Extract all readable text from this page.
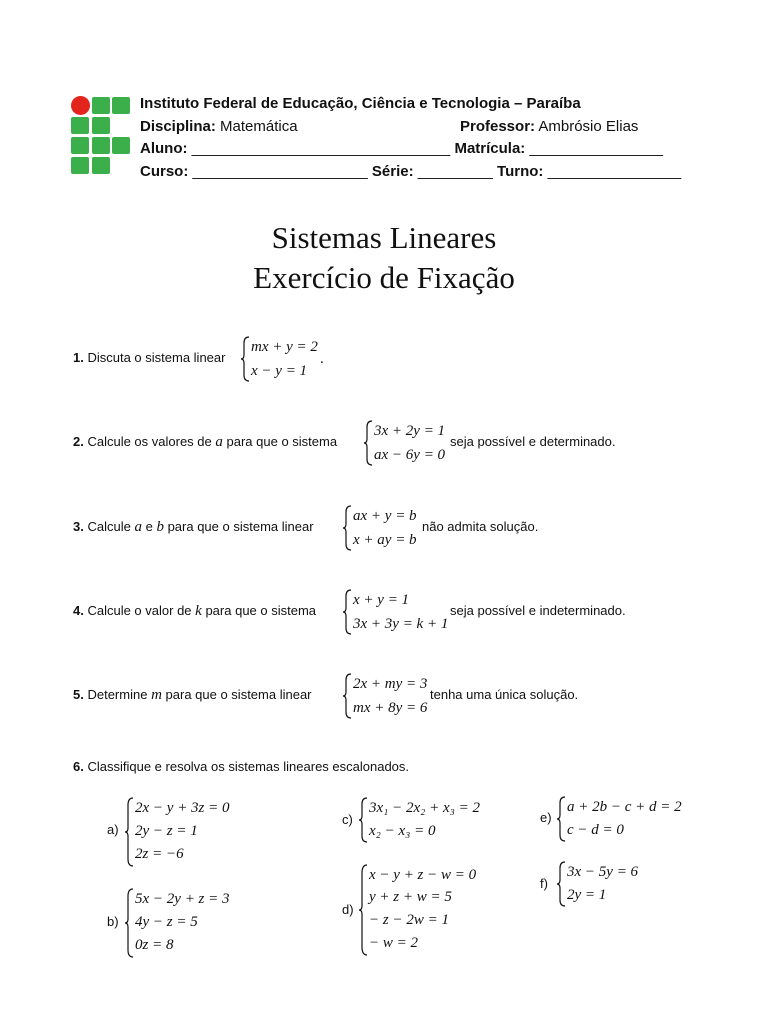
Instituto Federal de Educação, Ciência e Tecnologia – Paraíba
Disciplina: Matemática	Professor: Ambrósio Elias
Aluno: _______________________________ Matrícula: ________________
Curso: _____________________ Série: _________ Turno: ________________
Sistemas Lineares
Exercício de Fixação
1. Discuta o sistema linear
mx + y = 2
x − y = 1
.
2. Calcule os valores de a para que o sistema
3x + 2y = 1
ax − 6y = 0
seja possível e determinado.
3. Calcule a e b para que o sistema linear
ax + y = b
x + ay = b
não admita solução.
4. Calcule o valor de k para que o sistema
x + y = 1
3x + 3y = k + 1
seja possível e indeterminado.
5. Determine m para que o sistema linear
2x + my = 3
mx + 8y = 6
tenha uma única solução.
6. Classifique e resolva os sistemas lineares escalonados.
a)
2x − y + 3z = 0
2y − z = 1
2z = −6
b)
5x − 2y + z = 3
4y − z = 5
0z = 8
c)
3x₁ − 2x₂ + x₃ = 2
x₂ − x₃ = 0
d)
x − y + z − w = 0
y + z + w = 5
− z − 2w = 1
− w = 2
e)
a + 2b − c + d = 2
c − d = 0
f)
3x − 5y = 6
2y = 1
